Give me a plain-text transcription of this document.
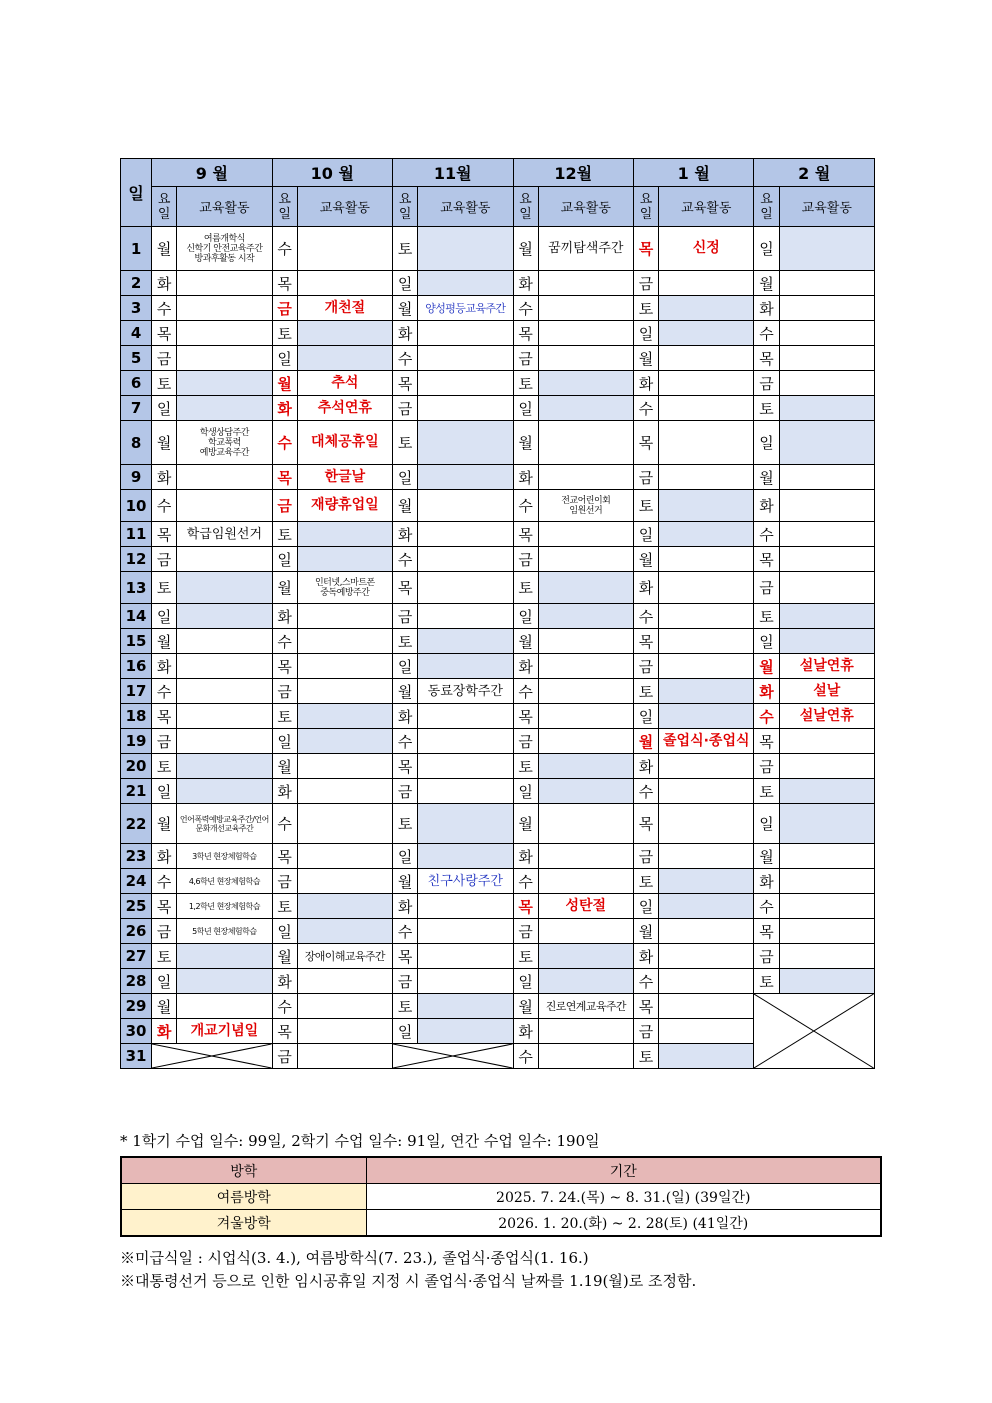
일	9 월		10 월		11월		12월		1 월		2 월	
	요일	교육활동	요일	교육활동	요일	교육활동	요일	교육활동	요일	교육활동	요일	교육활동
1	월	여름개학식
신학기 안전교육주간
방과후활동 시작	수		토		월	꿈끼탐색주간	목	신정	일	
2	화		목		일		화		금		월	
3	수		금	개천절	월	양성평등교육주간	수		토		화	
4	목		토		화		목		일		수	
5	금		일		수		금		월		목	
6	토		월	추석	목		토		화		금	
7	일		화	추석연휴	금		일		수		토	
8	월	학생상담주간
학교폭력
예방교육주간	수	대체공휴일	토		월		목		일	
9	화		목	한글날	일		화		금		월	
10	수		금	재량휴업일	월		수	전교어린이회
임원선거	토		화	
11	목	학급임원선거	토		화		목		일		수	
12	금		일		수		금		월		목	
13	토		월	인터넷,스마트폰
중독예방주간	목		토		화		금	
14	일		화		금		일		수		토	
15	월		수		토		월		목		일	
16	화		목		일		화		금		월	설날연휴
17	수		금		월	동료장학주간	수		토		화	설날
18	목		토		화		목		일		수	설날연휴
19	금		일		수		금		월	졸업식·종업식	목	
20	토		월		목		토		화		금	
21	일		화		금		일		수		토	
22	월	언어폭력예방교육주간/언어문화개선교육주간	수		토		월		목		일	
23	화	3학년 현장체험학습	목		일		화		금		월	
24	수	4,6학년 현장체험학습	금		월	친구사랑주간	수		토		화	
25	목	1,2학년 현장체험학습	토		화		목	성탄절	일		수	
26	금	5학년 현장체험학습	일		수		금		월		목	
27	토		월	장애이해교육주간	목		토		화		금	
28	일		화		금		일		수		토	
29	월		수		토		월	진로연계교육주간	목		

30	화	개교기념일	목		일		화		금			
31			금				수		토			
* 1학기 수업 일수: 99일, 2학기 수업 일수: 91일, 연간 수업 일수: 190일
방학	기간
여름방학	2025. 7. 24.(목) ~ 8. 31.(일) (39일간)
겨울방학	2026. 1. 20.(화) ~ 2. 28(토) (41일간)
※미급식일 : 시업식(3. 4.), 여름방학식(7. 23.), 졸업식·종업식(1. 16.)
※대통령선거 등으로 인한 임시공휴일 지정 시 졸업식·종업식 날짜를 1.19(월)로 조정함.
